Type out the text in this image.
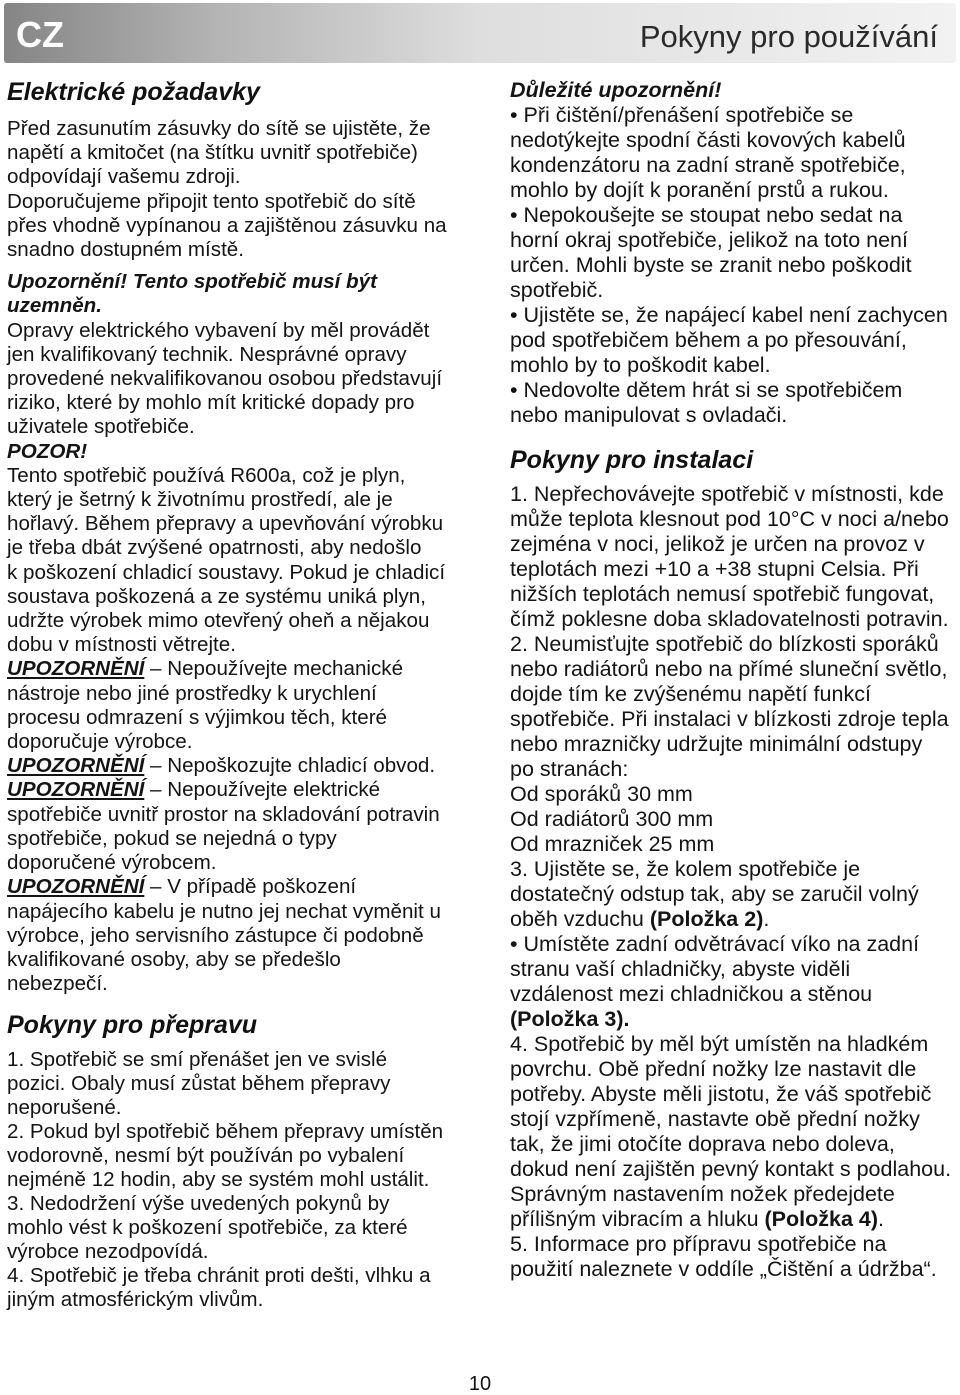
CZ	Pokyny pro používání
Elektrické požadavky
Před zasunutím zásuvky do sítě se ujistěte, že
napětí a kmitočet (na štítku uvnitř spotřebiče)
odpovídají vašemu zdroji.
Doporučujeme připojit tento spotřebič do sítě
přes vhodně vypínanou a zajištěnou zásuvku na
snadno dostupném místě.
Upozornění! Tento spotřebič musí být
uzemněn.
Opravy elektrického vybavení by měl provádět
jen kvalifikovaný technik. Nesprávné opravy
provedené nekvalifikovanou osobou představují
riziko, které by mohlo mít kritické dopady pro
uživatele spotřebiče.
POZOR!
Tento spotřebič používá R600a, což je plyn,
který je šetrný k životnímu prostředí, ale je
hořlavý. Během přepravy a upevňování výrobku
je třeba dbát zvýšené opatrnosti, aby nedošlo
k poškození chladicí soustavy. Pokud je chladicí
soustava poškozená a ze systému uniká plyn,
udržte výrobek mimo otevřený oheň a nějakou
dobu v místnosti větrejte.
UPOZORNĚNÍ – Nepoužívejte mechanické
nástroje nebo jiné prostředky k urychlení
procesu odmrazení s výjimkou těch, které
doporučuje výrobce.
UPOZORNĚNÍ – Nepoškozujte chladicí obvod.
UPOZORNĚNÍ – Nepoužívejte elektrické
spotřebiče uvnitř prostor na skladování potravin
spotřebiče, pokud se nejedná o typy
doporučené výrobcem.
UPOZORNĚNÍ – V případě poškození
napájecího kabelu je nutno jej nechat vyměnit u
výrobce, jeho servisního zástupce či podobně
kvalifikované osoby, aby se předešlo
nebezpečí.
Pokyny pro přepravu
1. Spotřebič se smí přenášet jen ve svislé
pozici. Obaly musí zůstat během přepravy
neporušené.
2. Pokud byl spotřebič během přepravy umístěn
vodorovně, nesmí být používán po vybalení
nejméně 12 hodin, aby se systém mohl ustálit.
3. Nedodržení výše uvedených pokynů by
mohlo vést k poškození spotřebiče, za které
výrobce nezodpovídá.
4. Spotřebič je třeba chránit proti dešti, vlhku a
jiným atmosférickým vlivům.
Důležité upozornění!
• Při čištění/přenášení spotřebiče se
nedotýkejte spodní části kovových kabelů
kondenzátoru na zadní straně spotřebiče,
mohlo by dojít k poranění prstů a rukou.
• Nepokoušejte se stoupat nebo sedat na
horní okraj spotřebiče, jelikož na toto není
určen. Mohli byste se zranit nebo poškodit
spotřebič.
• Ujistěte se, že napájecí kabel není zachycen
pod spotřebičem během a po přesouvání,
mohlo by to poškodit kabel.
• Nedovolte dětem hrát si se spotřebičem
nebo manipulovat s ovladači.
Pokyny pro instalaci
1. Nepřechovávejte spotřebič v místnosti, kde
může teplota klesnout pod 10°C v noci a/nebo
zejména v noci, jelikož je určen na provoz v
teplotách mezi +10 a +38 stupni Celsia. Při
nižších teplotách nemusí spotřebič fungovat,
čímž poklesne doba skladovatelnosti potravin.
2. Neumisťujte spotřebič do blízkosti sporáků
nebo radiátorů nebo na přímé sluneční světlo,
dojde tím ke zvýšenému napětí funkcí
spotřebiče. Při instalaci v blízkosti zdroje tepla
nebo mrazničky udržujte minimální odstupy
po stranách:
Od sporáků 30 mm
Od radiátorů 300 mm
Od mrazniček 25 mm
3. Ujistěte se, že kolem spotřebiče je
dostatečný odstup tak, aby se zaručil volný
oběh vzduchu (Položka 2).
• Umístěte zadní odvětrávací víko na zadní
stranu vaší chladničky, abyste viděli
vzdálenost mezi chladničkou a stěnou
(Položka 3).
4. Spotřebič by měl být umístěn na hladkém
povrchu. Obě přední nožky lze nastavit dle
potřeby. Abyste měli jistotu, že váš spotřebič
stojí vzpřímeně, nastavte obě přední nožky
tak, že jimi otočíte doprava nebo doleva,
dokud není zajištěn pevný kontakt s podlahou.
Správným nastavením nožek předejdete
přílišným vibracím a hluku (Položka 4).
5. Informace pro přípravu spotřebiče na
použití naleznete v oddíle „Čištění a údržba“.
10
